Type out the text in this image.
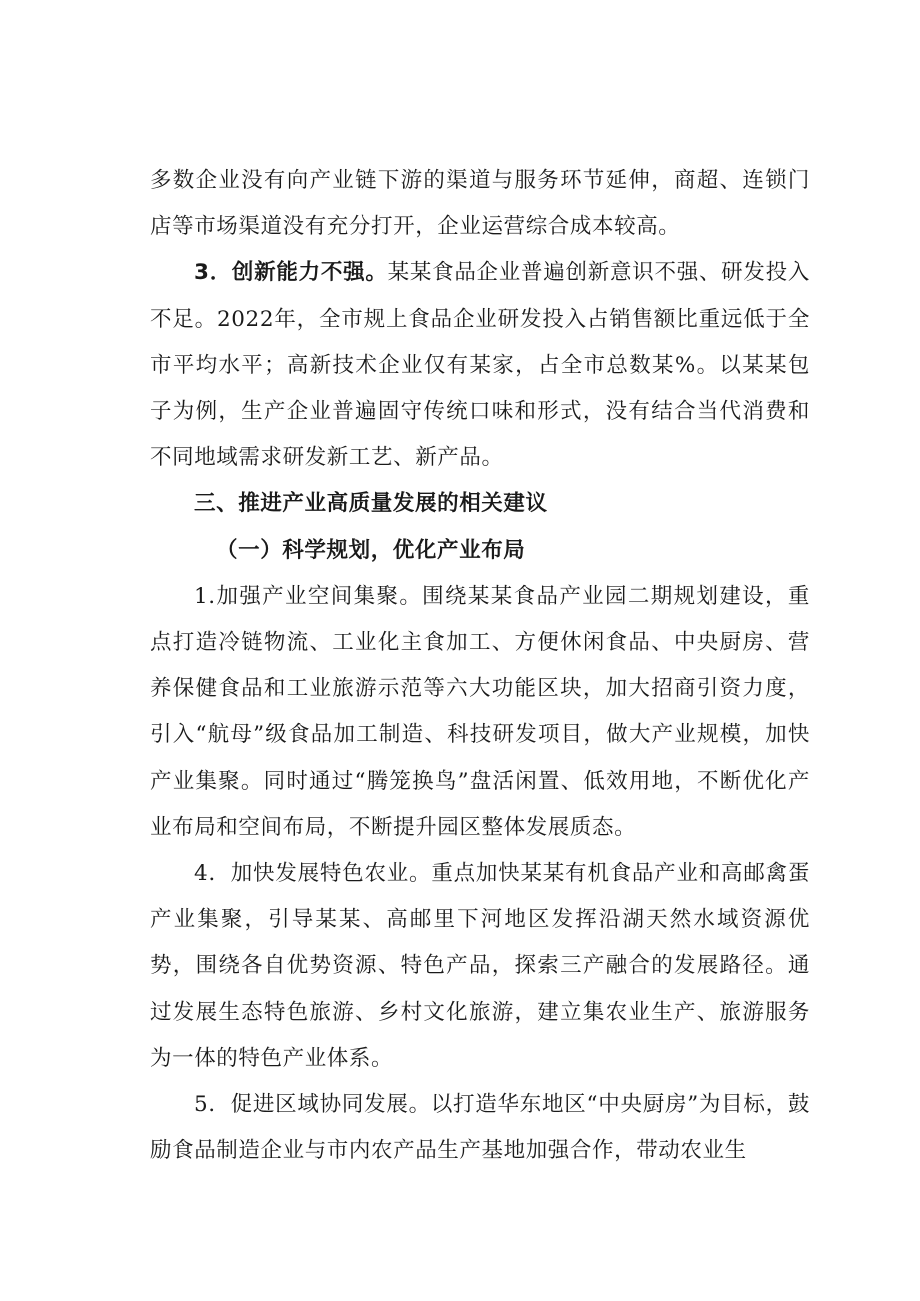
多数企业没有向产业链下游的渠道与服务环节延伸，商超、连锁门店等市场渠道没有充分打开，企业运营综合成本较高。

3．创新能力不强。某某食品企业普遍创新意识不强、研发投入不足。2022年，全市规上食品企业研发投入占销售额比重远低于全市平均水平；高新技术企业仅有某家，占全市总数某%。以某某包子为例，生产企业普遍固守传统口味和形式，没有结合当代消费和不同地域需求研发新工艺、新产品。

三、推进产业高质量发展的相关建议

（一）科学规划，优化产业布局

1.加强产业空间集聚。围绕某某食品产业园二期规划建设，重点打造冷链物流、工业化主食加工、方便休闲食品、中央厨房、营养保健食品和工业旅游示范等六大功能区块，加大招商引资力度，引入“航母”级食品加工制造、科技研发项目，做大产业规模，加快产业集聚。同时通过“腾笼换鸟”盘活闲置、低效用地，不断优化产业布局和空间布局，不断提升园区整体发展质态。

4．加快发展特色农业。重点加快某某有机食品产业和高邮禽蛋产业集聚，引导某某、高邮里下河地区发挥沿湖天然水域资源优势，围绕各自优势资源、特色产品，探索三产融合的发展路径。通过发展生态特色旅游、乡村文化旅游，建立集农业生产、旅游服务为一体的特色产业体系。

5．促进区域协同发展。以打造华东地区“中央厨房”为目标，鼓励食品制造企业与市内农产品生产基地加强合作，带动农业生
